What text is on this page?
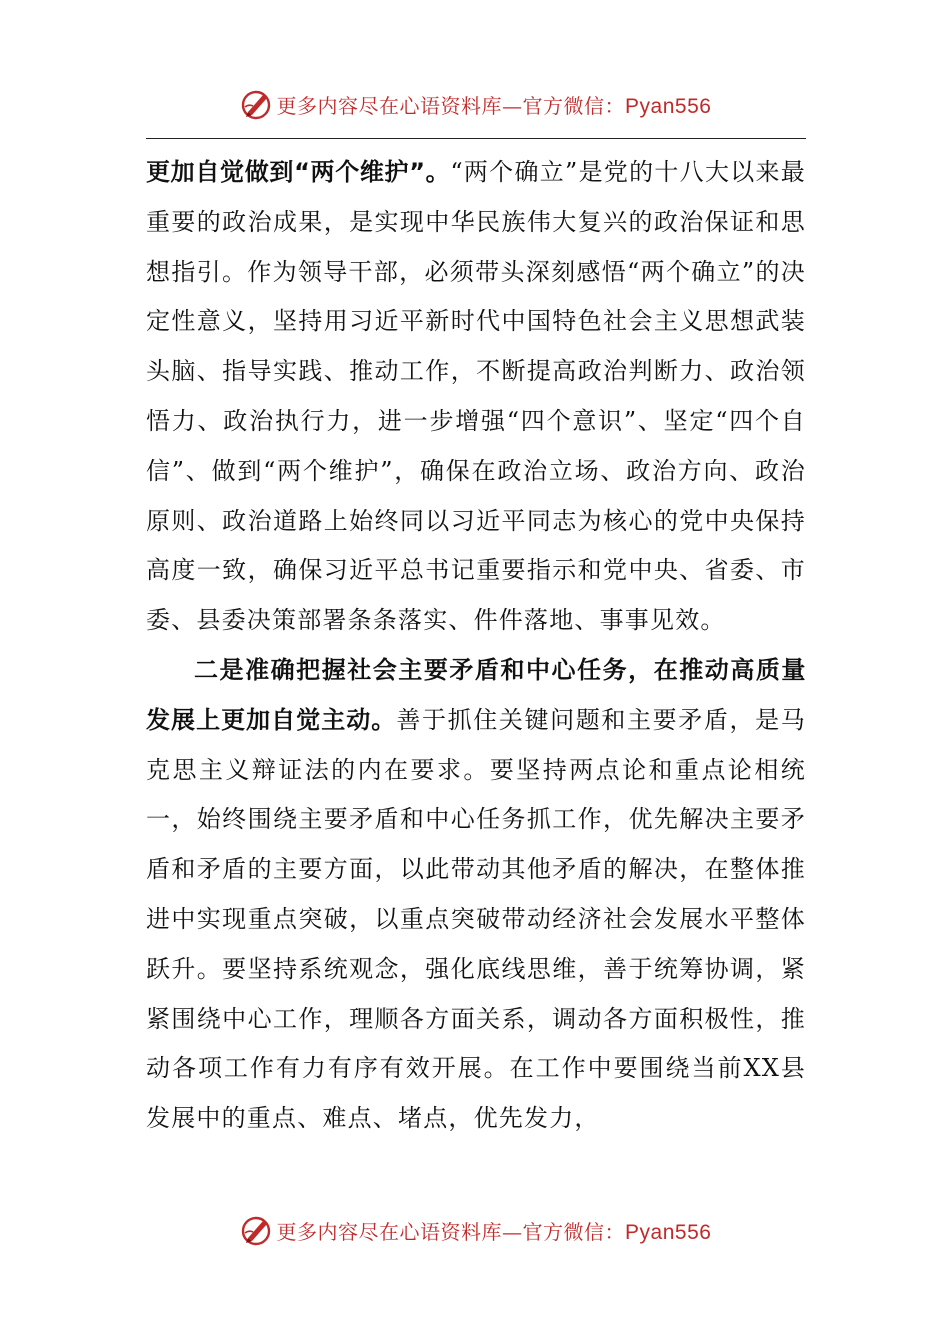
更多内容尽在心语资料库—官方微信：Pyan556

更加自觉做到“两个维护”。“两个确立”是党的十八大以来最重要的政治成果，是实现中华民族伟大复兴的政治保证和思想指引。作为领导干部，必须带头深刻感悟“两个确立”的决定性意义，坚持用习近平新时代中国特色社会主义思想武装头脑、指导实践、推动工作，不断提高政治判断力、政治领悟力、政治执行力，进一步增强“四个意识”、坚定“四个自信”、做到“两个维护”，确保在政治立场、政治方向、政治原则、政治道路上始终同以习近平同志为核心的党中央保持高度一致，确保习近平总书记重要指示和党中央、省委、市委、县委决策部署条条落实、件件落地、事事见效。

二是准确把握社会主要矛盾和中心任务，在推动高质量发展上更加自觉主动。善于抓住关键问题和主要矛盾，是马克思主义辩证法的内在要求。要坚持两点论和重点论相统一，始终围绕主要矛盾和中心任务抓工作，优先解决主要矛盾和矛盾的主要方面，以此带动其他矛盾的解决，在整体推进中实现重点突破，以重点突破带动经济社会发展水平整体跃升。要坚持系统观念，强化底线思维，善于统筹协调，紧紧围绕中心工作，理顺各方面关系，调动各方面积极性，推动各项工作有力有序有效开展。在工作中要围绕当前XX县发展中的重点、难点、堵点，优先发力，

更多内容尽在心语资料库—官方微信：Pyan556
